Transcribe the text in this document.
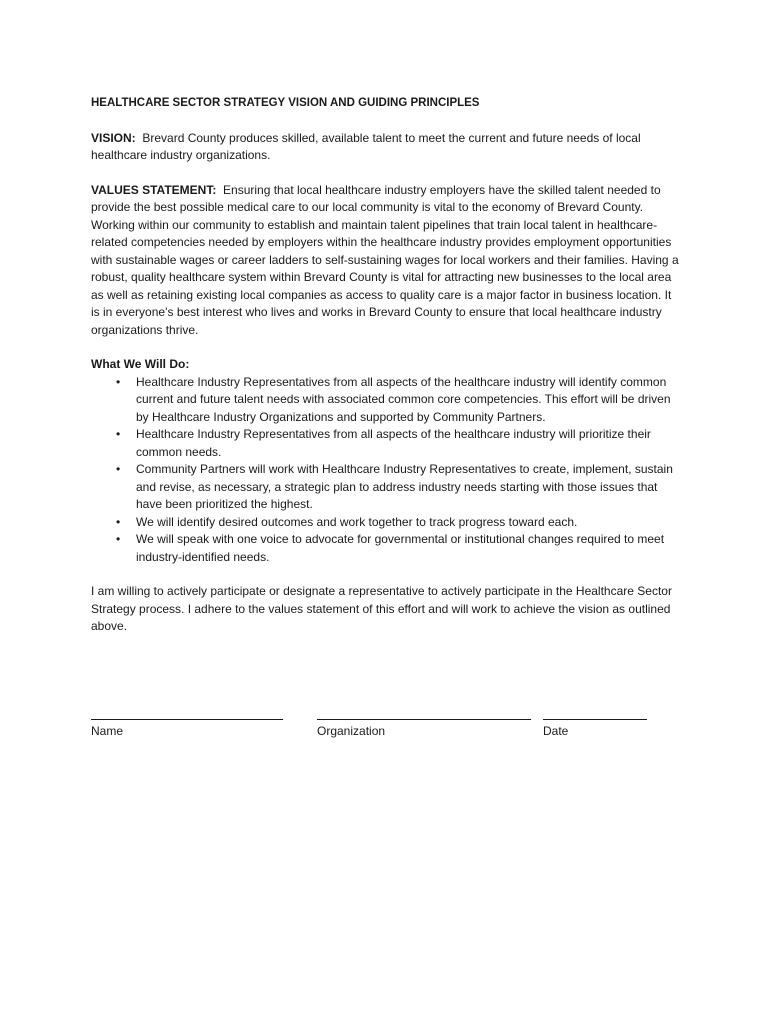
HEALTHCARE SECTOR STRATEGY VISION AND GUIDING PRINCIPLES

VISION: Brevard County produces skilled, available talent to meet the current and future needs of local healthcare industry organizations.

VALUES STATEMENT: Ensuring that local healthcare industry employers have the skilled talent needed to provide the best possible medical care to our local community is vital to the economy of Brevard County. Working within our community to establish and maintain talent pipelines that train local talent in healthcare-related competencies needed by employers within the healthcare industry provides employment opportunities with sustainable wages or career ladders to self-sustaining wages for local workers and their families. Having a robust, quality healthcare system within Brevard County is vital for attracting new businesses to the local area as well as retaining existing local companies as access to quality care is a major factor in business location. It is in everyone’s best interest who lives and works in Brevard County to ensure that local healthcare industry organizations thrive.

What We Will Do:

• Healthcare Industry Representatives from all aspects of the healthcare industry will identify common current and future talent needs with associated common core competencies. This effort will be driven by Healthcare Industry Organizations and supported by Community Partners.
• Healthcare Industry Representatives from all aspects of the healthcare industry will prioritize their common needs.
• Community Partners will work with Healthcare Industry Representatives to create, implement, sustain and revise, as necessary, a strategic plan to address industry needs starting with those issues that have been prioritized the highest.
• We will identify desired outcomes and work together to track progress toward each.
• We will speak with one voice to advocate for governmental or institutional changes required to meet industry-identified needs.

I am willing to actively participate or designate a representative to actively participate in the Healthcare Sector Strategy process. I adhere to the values statement of this effort and will work to achieve the vision as outlined above.

Name	Organization	Date
